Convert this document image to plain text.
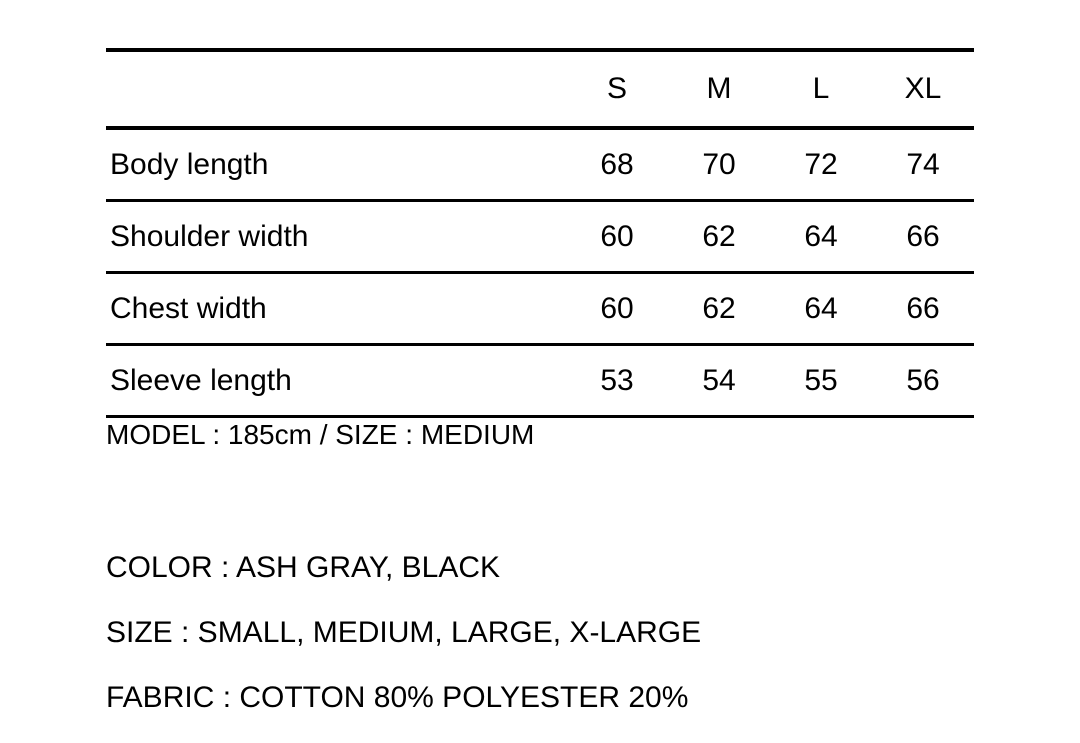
	S	M	L	XL
Body length	68	70	72	74
Shoulder width	60	62	64	66
Chest width	60	62	64	66
Sleeve length	53	54	55	56
MODEL : 185cm / SIZE : MEDIUM
COLOR : ASH GRAY, BLACK
SIZE : SMALL, MEDIUM, LARGE, X-LARGE
FABRIC : COTTON 80% POLYESTER 20%
